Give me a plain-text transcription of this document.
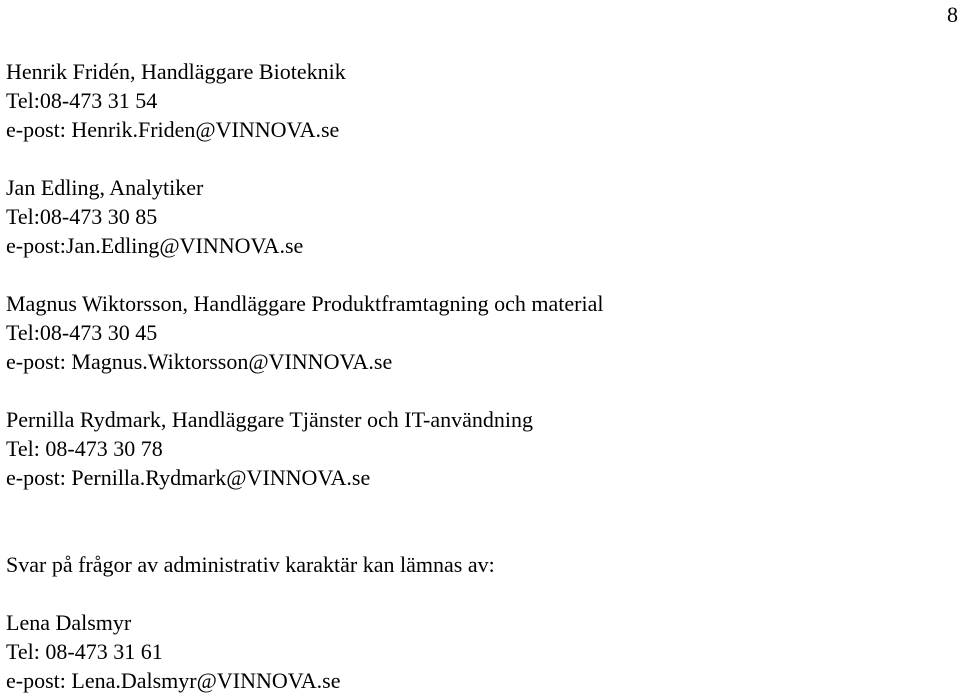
8
Henrik Fridén, Handläggare Bioteknik
Tel:08-473 31 54
e-post: Henrik.Friden@VINNOVA.se
Jan Edling, Analytiker
Tel:08-473 30 85
e-post:Jan.Edling@VINNOVA.se
Magnus Wiktorsson, Handläggare Produktframtagning och material
Tel:08-473 30 45
e-post: Magnus.Wiktorsson@VINNOVA.se
Pernilla Rydmark, Handläggare Tjänster och IT-användning
Tel: 08-473 30 78
e-post: Pernilla.Rydmark@VINNOVA.se
Svar på frågor av administrativ karaktär kan lämnas av:
Lena Dalsmyr
Tel: 08-473 31 61
e-post: Lena.Dalsmyr@VINNOVA.se
